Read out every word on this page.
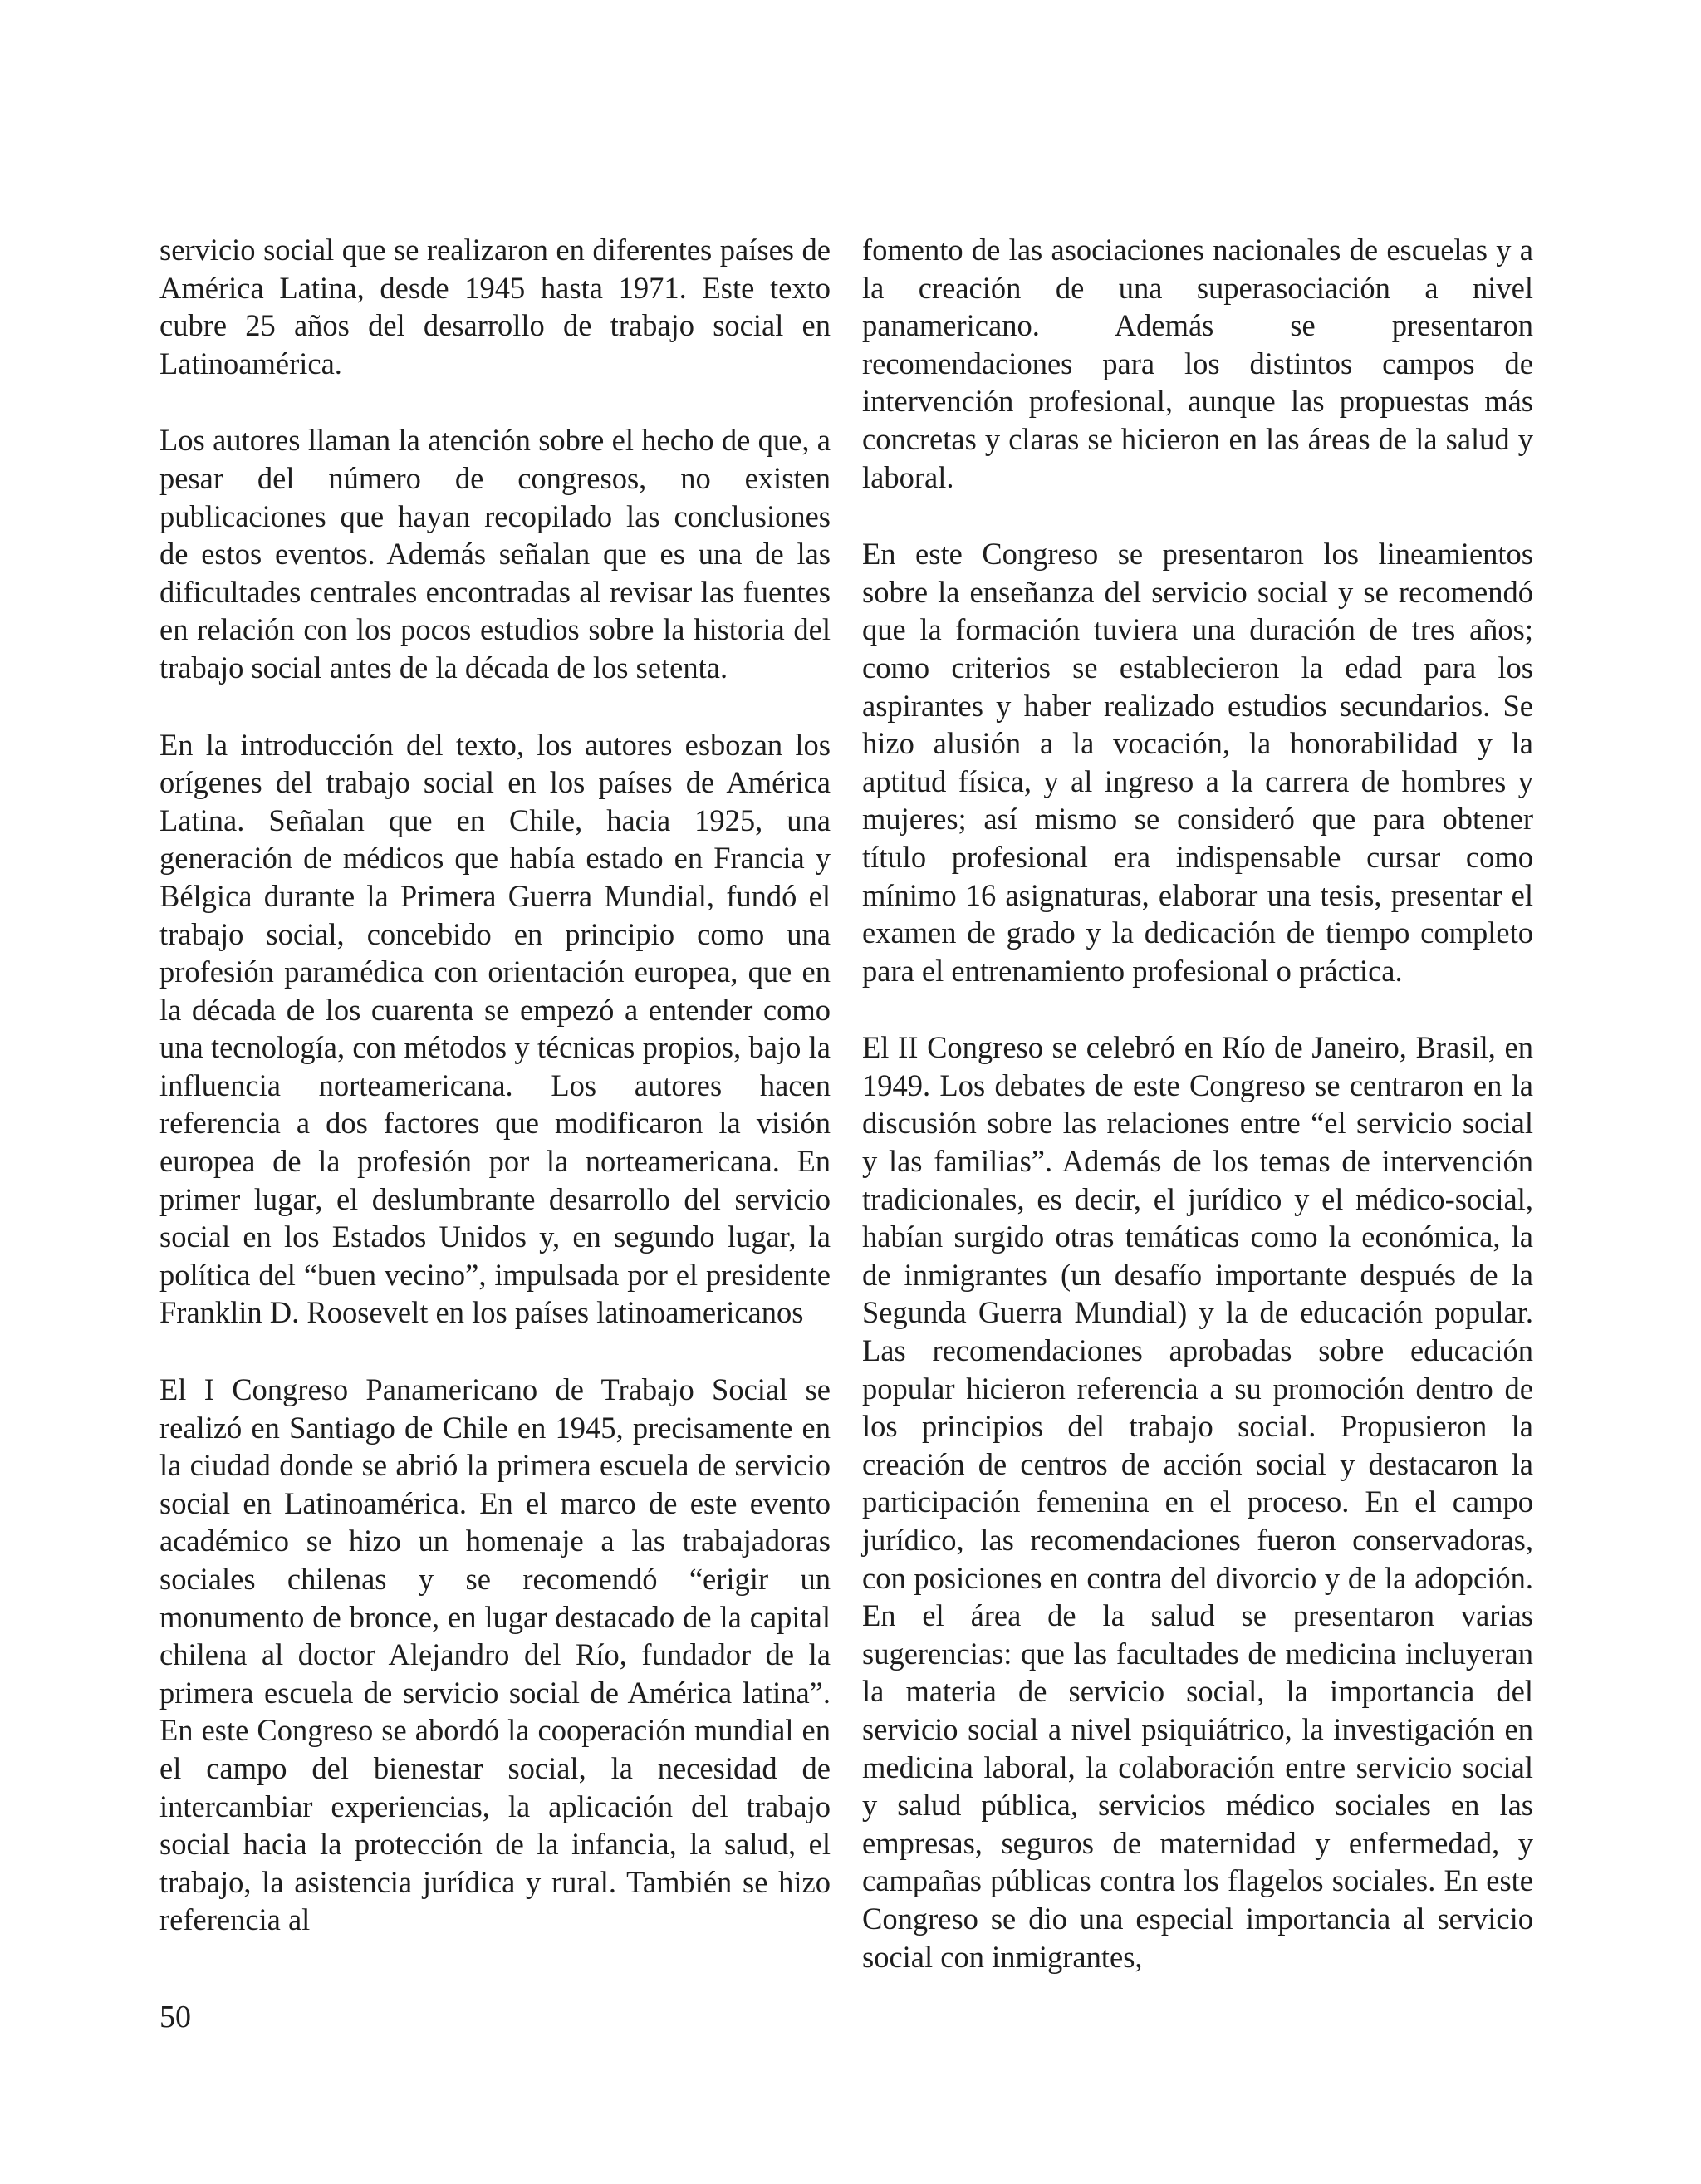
servicio social que se realizaron en diferentes países de América Latina, desde 1945 hasta 1971. Este texto cubre 25 años del desarrollo de trabajo social en Latinoamérica.

Los autores llaman la atención sobre el hecho de que, a pesar del número de congresos, no existen publicaciones que hayan recopilado las conclusiones de estos eventos. Además señalan que es una de las dificultades centrales encontradas al revisar las fuentes en relación con los pocos estudios sobre la historia del trabajo social antes de la década de los setenta.

En la introducción del texto, los autores esbozan los orígenes del trabajo social en los países de América Latina. Señalan que en Chile, hacia 1925, una generación de médicos que había estado en Francia y Bélgica durante la Primera Guerra Mundial, fundó el trabajo social, concebido en principio como una profesión paramédica con orientación europea, que en la década de los cuarenta se empezó a entender como una tecnología, con métodos y técnicas propios, bajo la influencia norteamericana. Los autores hacen referencia a dos factores que modificaron la visión europea de la profesión por la norteamericana. En primer lugar, el deslumbrante desarrollo del servicio social en los Estados Unidos y, en segundo lugar, la política del “buen vecino”, impulsada por el presidente Franklin D. Roosevelt en los países latinoamericanos

El I Congreso Panamericano de Trabajo Social se realizó en Santiago de Chile en 1945, precisamente en la ciudad donde se abrió la primera escuela de servicio social en Latinoamérica. En el marco de este evento académico se hizo un homenaje a las trabajadoras sociales chilenas y se recomendó “erigir un monumento de bronce, en lugar destacado de la capital chilena al doctor Alejandro del Río, fundador de la primera escuela de servicio social de América latina”. En este Congreso se abordó la cooperación mundial en el campo del bienestar social, la necesidad de intercambiar experiencias, la aplicación del trabajo social hacia la protección de la infancia, la salud, el trabajo, la asistencia jurídica y rural. También se hizo referencia al

fomento de las asociaciones nacionales de escuelas y a la creación de una superasociación a nivel panamericano. Además se presentaron recomendaciones para los distintos campos de intervención profesional, aunque las propuestas más concretas y claras se hicieron en las áreas de la salud y laboral.

En este Congreso se presentaron los lineamientos sobre la enseñanza del servicio social y se recomendó que la formación tuviera una duración de tres años; como criterios se establecieron la edad para los aspirantes y haber realizado estudios secundarios. Se hizo alusión a la vocación, la honorabilidad y la aptitud física, y al ingreso a la carrera de hombres y mujeres; así mismo se consideró que para obtener título profesional era indispensable cursar como mínimo 16 asignaturas, elaborar una tesis, presentar el examen de grado y la dedicación de tiempo completo para el entrenamiento profesional o práctica.

El II Congreso se celebró en Río de Janeiro, Brasil, en 1949. Los debates de este Congreso se centraron en la discusión sobre las relaciones entre “el servicio social y las familias”. Además de los temas de intervención tradicionales, es decir, el jurídico y el médico-social, habían surgido otras temáticas como la económica, la de inmigrantes (un desafío importante después de la Segunda Guerra Mundial) y la de educación popular. Las recomendaciones aprobadas sobre educación popular hicieron referencia a su promoción dentro de los principios del trabajo social. Propusieron la creación de centros de acción social y destacaron la participación femenina en el proceso. En el campo jurídico, las recomendaciones fueron conservadoras, con posiciones en contra del divorcio y de la adopción. En el área de la salud se presentaron varias sugerencias: que las facultades de medicina incluyeran la materia de servicio social, la importancia del servicio social a nivel psiquiátrico, la investigación en medicina laboral, la colaboración entre servicio social y salud pública, servicios médico sociales en las empresas, seguros de maternidad y enfermedad, y campañas públicas contra los flagelos sociales. En este Congreso se dio una especial importancia al servicio social con inmigrantes,

50
